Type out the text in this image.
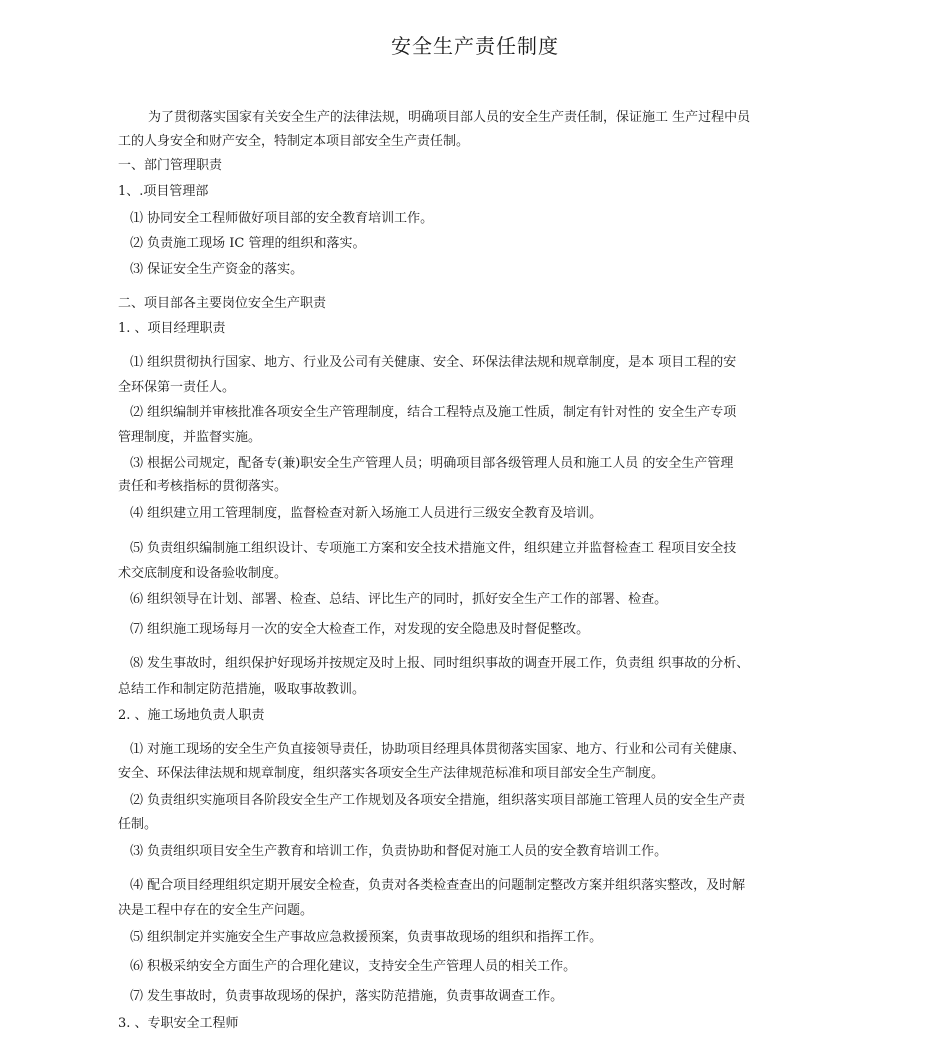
安全生产责任制度
为了贯彻落实国家有关安全生产的法律法规，明确项目部人员的安全生产责任制，保证施工 生产过程中员
工的人身安全和财产安全，特制定本项目部安全生产责任制。
一、部门管理职责
1、.项目管理部
⑴ 协同安全工程师做好项目部的安全教育培训工作。
⑵ 负责施工现场 IC 管理的组织和落实。
⑶ 保证安全生产资金的落实。
二、项目部各主要岗位安全生产职责
1. 、项目经理职责
⑴ 组织贯彻执行国家、地方、行业及公司有关健康、安全、环保法律法规和规章制度，是本 项目工程的安
全环保第一责任人。
⑵ 组织编制并审核批准各项安全生产管理制度，结合工程特点及施工性质，制定有针对性的 安全生产专项
管理制度，并监督实施。
⑶ 根据公司规定，配备专(兼)职安全生产管理人员；明确项目部各级管理人员和施工人员 的安全生产管理
责任和考核指标的贯彻落实。
⑷ 组织建立用工管理制度，监督检查对新入场施工人员进行三级安全教育及培训。
⑸ 负责组织编制施工组织设计、专项施工方案和安全技术措施文件，组织建立并监督检查工 程项目安全技
术交底制度和设备验收制度。
⑹ 组织领导在计划、部署、检查、总结、评比生产的同时，抓好安全生产工作的部署、检查。
⑺ 组织施工现场每月一次的安全大检查工作，对发现的安全隐患及时督促整改。
⑻ 发生事故时，组织保护好现场并按规定及时上报、同时组织事故的调查开展工作，负责组 织事故的分析、
总结工作和制定防范措施，吸取事故教训。
2. 、施工场地负责人职责
⑴ 对施工现场的安全生产负直接领导责任，协助项目经理具体贯彻落实国家、地方、行业和公司有关健康、
安全、环保法律法规和规章制度，组织落实各项安全生产法律规范标准和项目部安全生产制度。
⑵ 负责组织实施项目各阶段安全生产工作规划及各项安全措施，组织落实项目部施工管理人员的安全生产责
任制。
⑶ 负责组织项目安全生产教育和培训工作，负责协助和督促对施工人员的安全教育培训工作。
⑷ 配合项目经理组织定期开展安全检查，负责对各类检查查出的问题制定整改方案并组织落实整改，及时解
决是工程中存在的安全生产问题。
⑸ 组织制定并实施安全生产事故应急救援预案，负责事故现场的组织和指挥工作。
⑹ 积极采纳安全方面生产的合理化建议，支持安全生产管理人员的相关工作。
⑺ 发生事故时，负责事故现场的保护，落实防范措施，负责事故调查工作。
3. 、专职安全工程师
